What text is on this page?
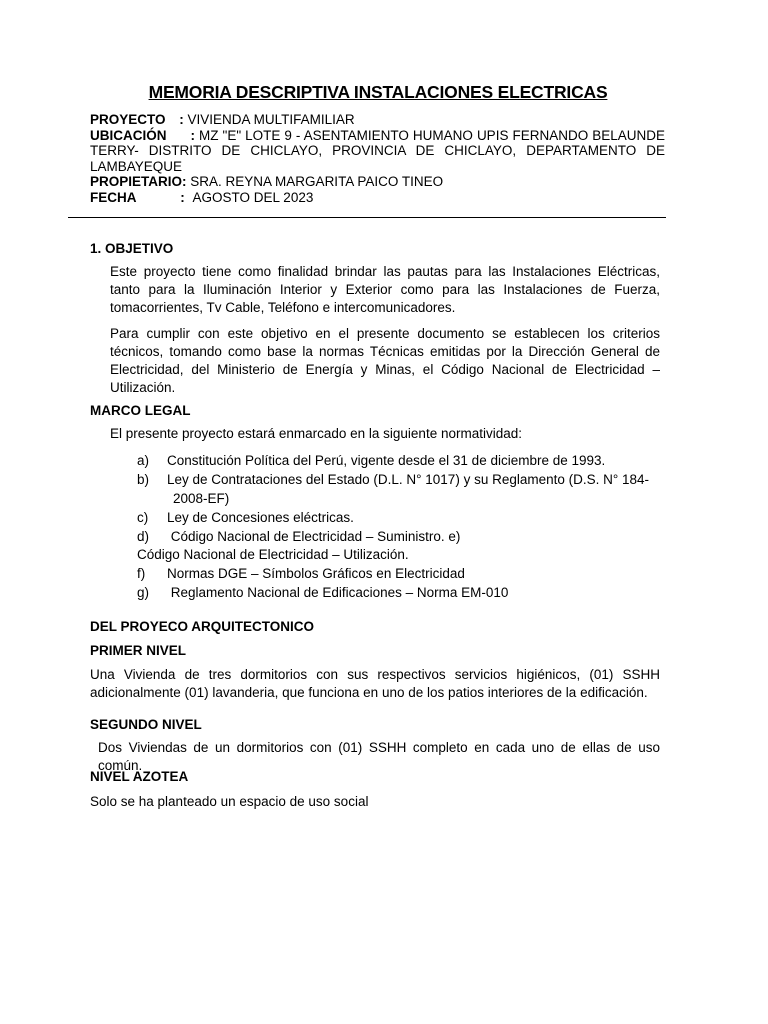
MEMORIA DESCRIPTIVA INSTALACIONES ELECTRICAS
PROYECTO : VIVIENDA MULTIFAMILIAR
UBICACIÓN : MZ "E" LOTE 9 - ASENTAMIENTO HUMANO UPIS FERNANDO BELAUNDE TERRY- DISTRITO DE CHICLAYO, PROVINCIA DE CHICLAYO, DEPARTAMENTO DE LAMBAYEQUE
PROPIETARIO: SRA. REYNA MARGARITA PAICO TINEO
FECHA	: AGOSTO DEL 2023
1. OBJETIVO
Este proyecto tiene como finalidad brindar las pautas para las Instalaciones Eléctricas, tanto para la Iluminación Interior y Exterior como para las Instalaciones de Fuerza, tomacorrientes, Tv Cable, Teléfono e intercomunicadores.
Para cumplir con este objetivo en el presente documento se establecen los criterios técnicos, tomando como base la normas Técnicas emitidas por la Dirección General de Electricidad, del Ministerio de Energía y Minas, el Código Nacional de Electricidad – Utilización.
MARCO LEGAL
El presente proyecto estará enmarcado en la siguiente normatividad:
a) Constitución Política del Perú, vigente desde el 31 de diciembre de 1993.
b) Ley de Contrataciones del Estado (D.L. N° 1017) y su Reglamento (D.S. N° 184-
2008-EF)
c) Ley de Concesiones eléctricas.
d) Código Nacional de Electricidad – Suministro. e)
Código Nacional de Electricidad – Utilización.
f) Normas DGE – Símbolos Gráficos en Electricidad
g) Reglamento Nacional de Edificaciones – Norma EM-010
DEL PROYECO ARQUITECTONICO
PRIMER NIVEL
Una Vivienda de tres dormitorios con sus respectivos servicios higiénicos, (01) SSHH adicionalmente (01) lavanderia, que funciona en uno de los patios interiores de la edificación.
SEGUNDO NIVEL
Dos Viviendas de un dormitorios con (01) SSHH completo en cada uno de ellas de uso común.
NIVEL AZOTEA
Solo se ha planteado un espacio de uso social
